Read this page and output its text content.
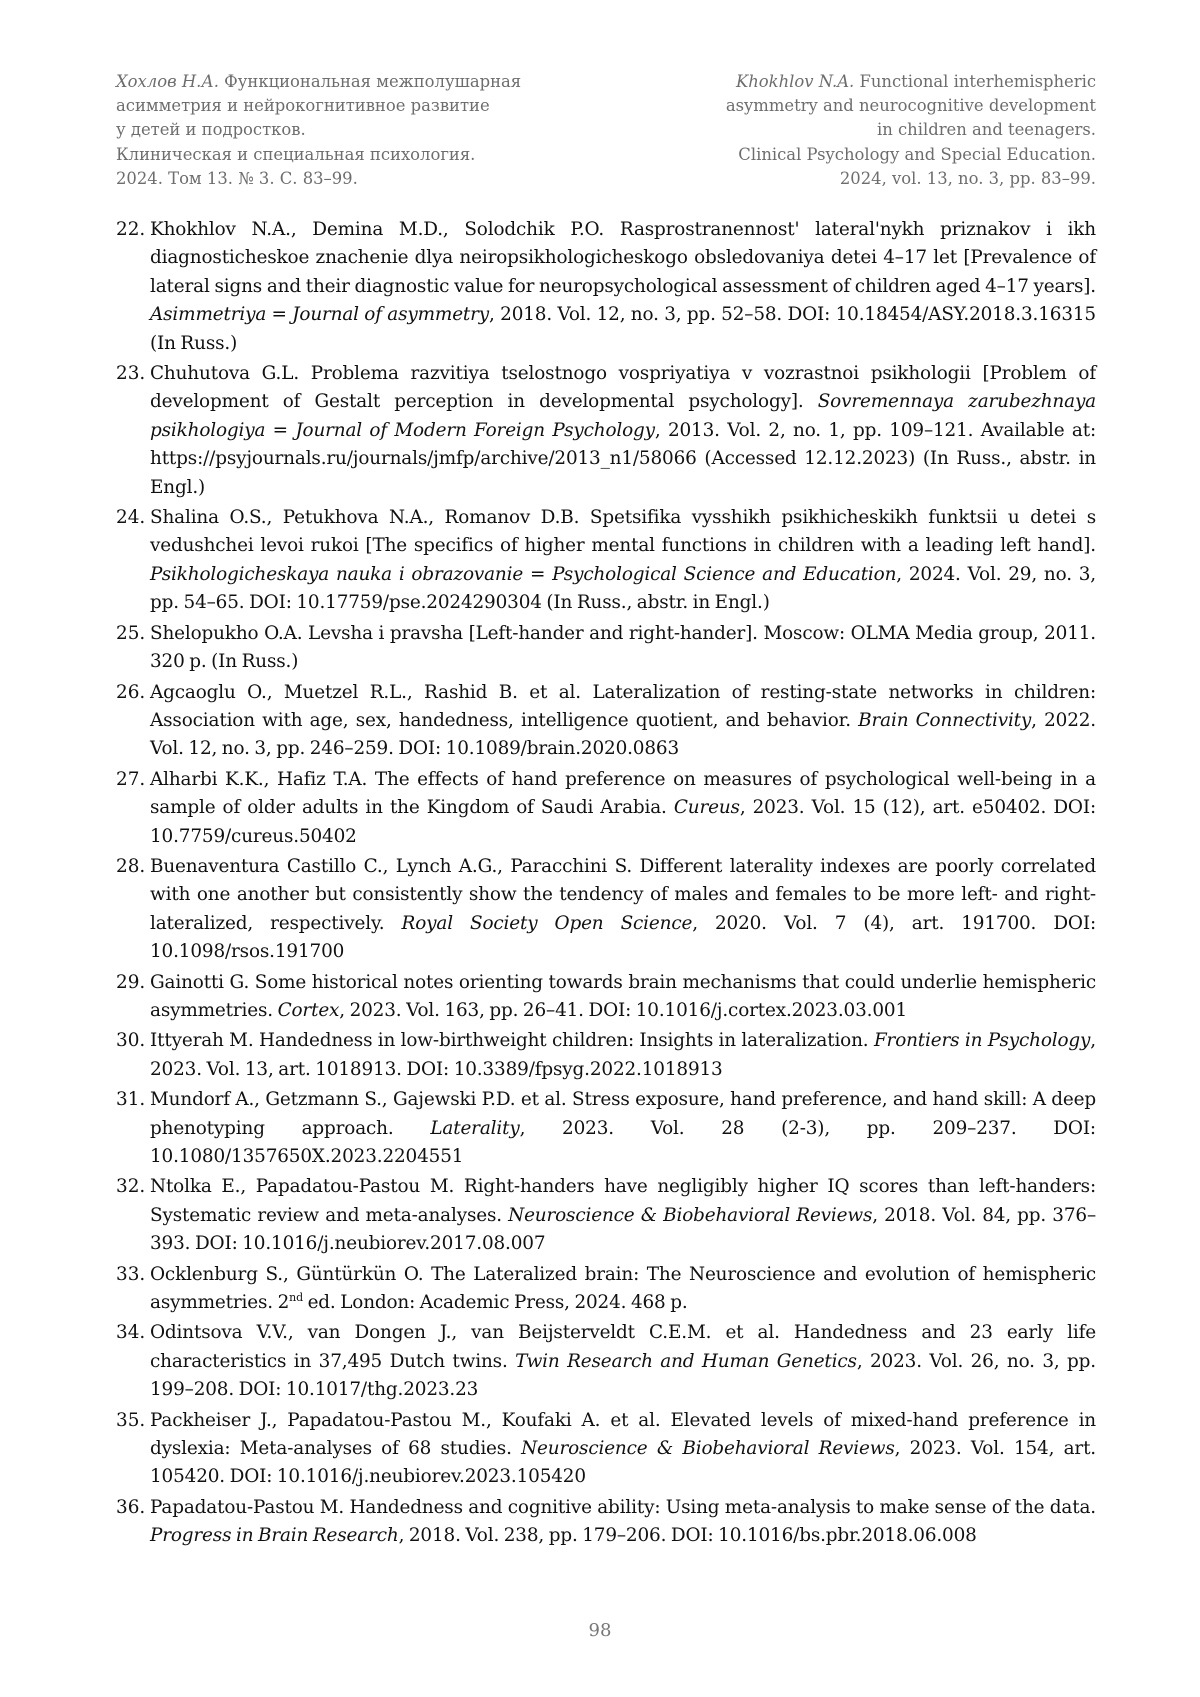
Хохлов Н.А. Функциональная межполушарная
асимметрия и нейрокогнитивное развитие
у детей и подростков.
Клиническая и специальная психология.
2024. Том 13. № 3. С. 83–99.
Khokhlov N.A. Functional interhemispheric
asymmetry and neurocognitive development
in children and teenagers.
Clinical Psychology and Special Education.
2024, vol. 13, no. 3, pp. 83–99.
22. Khokhlov N.A., Demina M.D., Solodchik P.O. Rasprostranennost' lateral'nykh priznakov i ikh diagnosticheskoe znachenie dlya neiropsikhologicheskogo obsledovaniya detei 4–17 let [Prevalence of lateral signs and their diagnostic value for neuropsychological assessment of children aged 4–17 years]. Asimmetriya = Journal of asymmetry, 2018. Vol. 12, no. 3, pp. 52–58. DOI: 10.18454/ASY.2018.3.16315 (In Russ.)
23. Chuhutova G.L. Problema razvitiya tselostnogo vospriyatiya v vozrastnoi psikhologii [Problem of development of Gestalt perception in developmental psychology]. Sovremennaya zarubezhnaya psikhologiya = Journal of Modern Foreign Psychology, 2013. Vol. 2, no. 1, pp. 109–121. Available at: https://psyjournals.ru/journals/jmfp/archive/2013_n1/58066 (Accessed 12.12.2023) (In Russ., abstr. in Engl.)
24. Shalina O.S., Petukhova N.A., Romanov D.B. Spetsifika vysshikh psikhicheskikh funktsii u detei s vedushchei levoi rukoi [The specifics of higher mental functions in children with a leading left hand]. Psikhologicheskaya nauka i obrazovanie = Psychological Science and Education, 2024. Vol. 29, no. 3, pp. 54–65. DOI: 10.17759/pse.2024290304 (In Russ., abstr. in Engl.)
25. Shelopukho O.A. Levsha i pravsha [Left-hander and right-hander]. Moscow: OLMA Media group, 2011. 320 p. (In Russ.)
26. Agcaoglu O., Muetzel R.L., Rashid B. et al. Lateralization of resting-state networks in children: Association with age, sex, handedness, intelligence quotient, and behavior. Brain Connectivity, 2022. Vol. 12, no. 3, pp. 246–259. DOI: 10.1089/brain.2020.0863
27. Alharbi K.K., Hafiz T.A. The effects of hand preference on measures of psychological well-being in a sample of older adults in the Kingdom of Saudi Arabia. Cureus, 2023. Vol. 15 (12), art. e50402. DOI: 10.7759/cureus.50402
28. Buenaventura Castillo C., Lynch A.G., Paracchini S. Different laterality indexes are poorly correlated with one another but consistently show the tendency of males and females to be more left- and right-lateralized, respectively. Royal Society Open Science, 2020. Vol. 7 (4), art. 191700. DOI: 10.1098/rsos.191700
29. Gainotti G. Some historical notes orienting towards brain mechanisms that could underlie hemispheric asymmetries. Cortex, 2023. Vol. 163, pp. 26–41. DOI: 10.1016/j.cortex.2023.03.001
30. Ittyerah M. Handedness in low-birthweight children: Insights in lateralization. Frontiers in Psychology, 2023. Vol. 13, art. 1018913. DOI: 10.3389/fpsyg.2022.1018913
31. Mundorf A., Getzmann S., Gajewski P.D. et al. Stress exposure, hand preference, and hand skill: A deep phenotyping approach. Laterality, 2023. Vol. 28 (2-3), pp. 209–237. DOI: 10.1080/1357650X.2023.2204551
32. Ntolka E., Papadatou-Pastou M. Right-handers have negligibly higher IQ scores than left-handers: Systematic review and meta-analyses. Neuroscience & Biobehavioral Reviews, 2018. Vol. 84, pp. 376–393. DOI: 10.1016/j.neubiorev.2017.08.007
33. Ocklenburg S., Güntürkün O. The Lateralized brain: The Neuroscience and evolution of hemispheric asymmetries. 2nd ed. London: Academic Press, 2024. 468 p.
34. Odintsova V.V., van Dongen J., van Beijsterveldt C.E.M. et al. Handedness and 23 early life characteristics in 37,495 Dutch twins. Twin Research and Human Genetics, 2023. Vol. 26, no. 3, pp. 199–208. DOI: 10.1017/thg.2023.23
35. Packheiser J., Papadatou-Pastou M., Koufaki A. et al. Elevated levels of mixed-hand preference in dyslexia: Meta-analyses of 68 studies. Neuroscience & Biobehavioral Reviews, 2023. Vol. 154, art. 105420. DOI: 10.1016/j.neubiorev.2023.105420
36. Papadatou-Pastou M. Handedness and cognitive ability: Using meta-analysis to make sense of the data. Progress in Brain Research, 2018. Vol. 238, pp. 179–206. DOI: 10.1016/bs.pbr.2018.06.008
98
